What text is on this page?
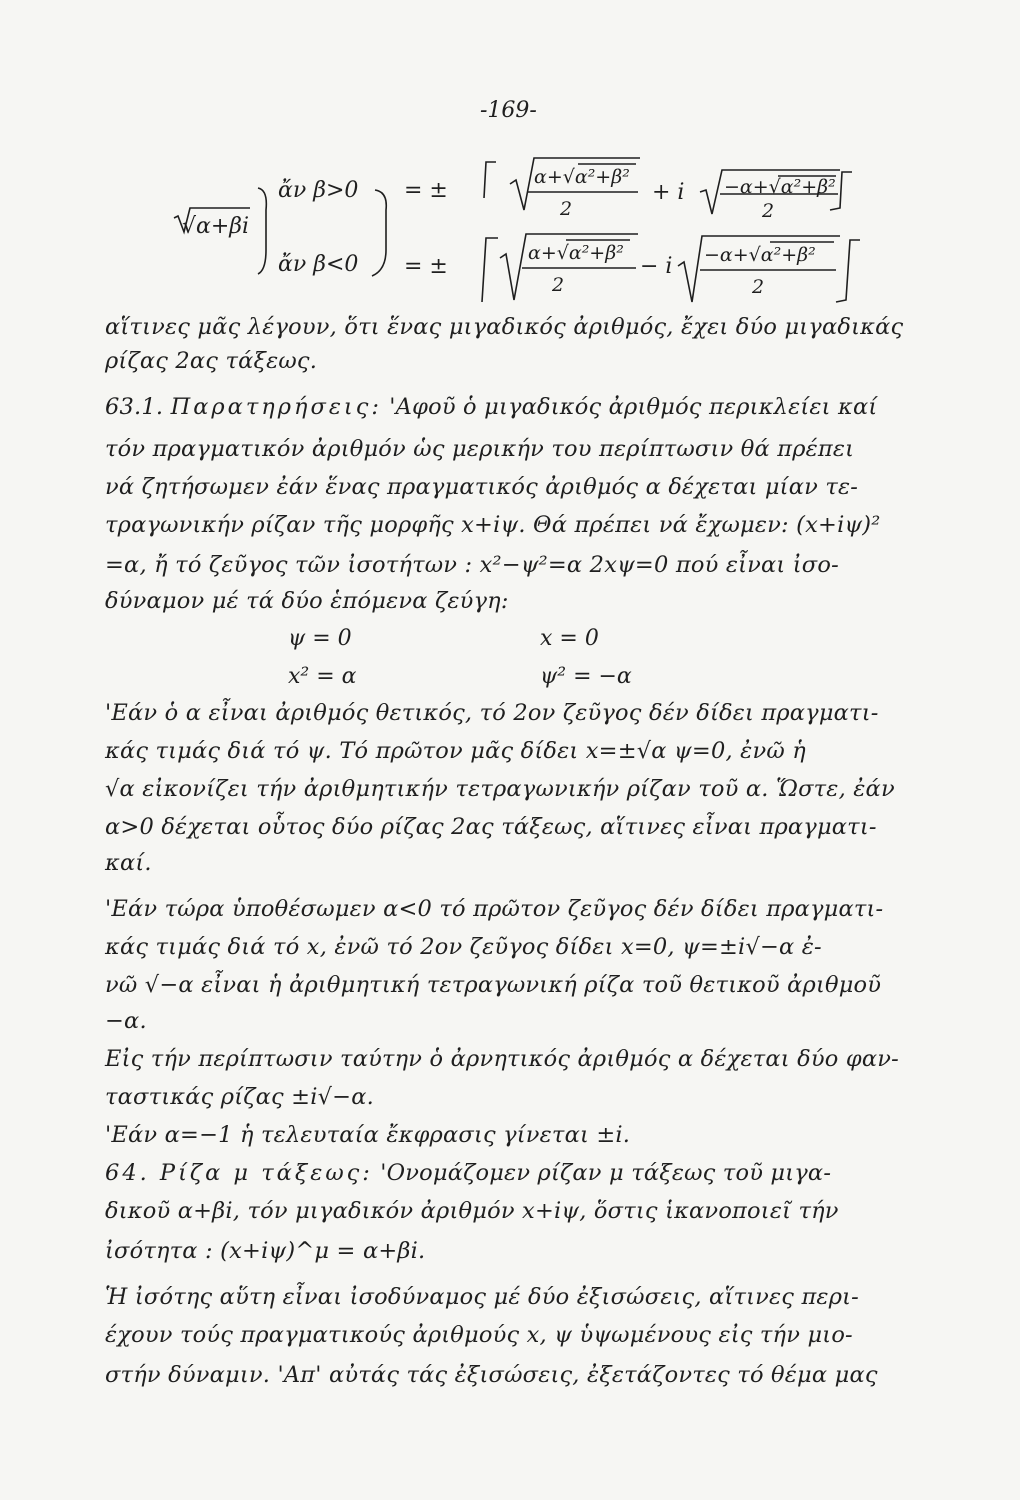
-169-
√α+βi
ἄν β>0
ἄν β<0
= ±
= ±
α+√α²+β²
2
+ i −α+√α²+β²
2
α+√α²+β²
2
− i −α+√α²+β²
2
αἵτινες μᾶς λέγουν, ὅτι ἕνας μιγαδικός ἀριθμός, ἔχει δύο μιγαδικάς
ρίζας 2ας τάξεως.
63.1. Παρατηρήσεις: 'Αφοῦ ὁ μιγαδικός ἀριθμός περικλείει καί
τόν πραγματικόν ἀριθμόν ὡς μερικήν του περίπτωσιν θά πρέπει
νά ζητήσωμεν ἐάν ἕνας πραγματικός ἀριθμός α δέχεται μίαν τε-
τραγωνικήν ρίζαν τῆς μορφῆς x+iψ. Θά πρέπει νά ἔχωμεν: (x+iψ)²
=α, ἤ τό ζεῦγος τῶν ἰσοτήτων : x²−ψ²=α 2xψ=0 πού εἶναι ἰσο-
δύναμον μέ τά δύο ἑπόμενα ζεύγη:
ψ = 0
x² = α
x = 0
ψ² = −α
'Εάν ὁ α εἶναι ἀριθμός θετικός, τό 2ον ζεῦγος δέν δίδει πραγματι-
κάς τιμάς διά τό ψ. Τό πρῶτον μᾶς δίδει x=±√α ψ=0, ἐνῶ ἡ
√α εἰκονίζει τήν ἀριθμητικήν τετραγωνικήν ρίζαν τοῦ α. Ὥστε, ἐάν
α>0 δέχεται οὗτος δύο ρίζας 2ας τάξεως, αἵτινες εἶναι πραγματι-
καί.
'Εάν τώρα ὑποθέσωμεν α<0 τό πρῶτον ζεῦγος δέν δίδει πραγματι-
κάς τιμάς διά τό x, ἐνῶ τό 2ον ζεῦγος δίδει x=0, ψ=±i√−α ἐ-
νῶ √−α εἶναι ἡ ἀριθμητική τετραγωνική ρίζα τοῦ θετικοῦ ἀριθμοῦ
−α.
Εἰς τήν περίπτωσιν ταύτην ὁ ἀρνητικός ἀριθμός α δέχεται δύο φαν-
ταστικάς ρίζας ±i√−α.
'Εάν α=−1 ἡ τελευταία ἔκφρασις γίνεται ±i.
64. Ρίζα μ τάξεως: 'Ονομάζομεν ρίζαν μ τάξεως τοῦ μιγα-
δικοῦ α+βi, τόν μιγαδικόν ἀριθμόν x+iψ, ὅστις ἱκανοποιεῖ τήν
ἰσότητα : (x+iψ)^μ = α+βi.
Ἡ ἰσότης αὕτη εἶναι ἰσοδύναμος μέ δύο ἐξισώσεις, αἵτινες περι-
έχουν τούς πραγματικούς ἀριθμούς x, ψ ὑψωμένους εἰς τήν μιο-
στήν δύναμιν. 'Απ' αὐτάς τάς ἐξισώσεις, ἐξετάζοντες τό θέμα μας
